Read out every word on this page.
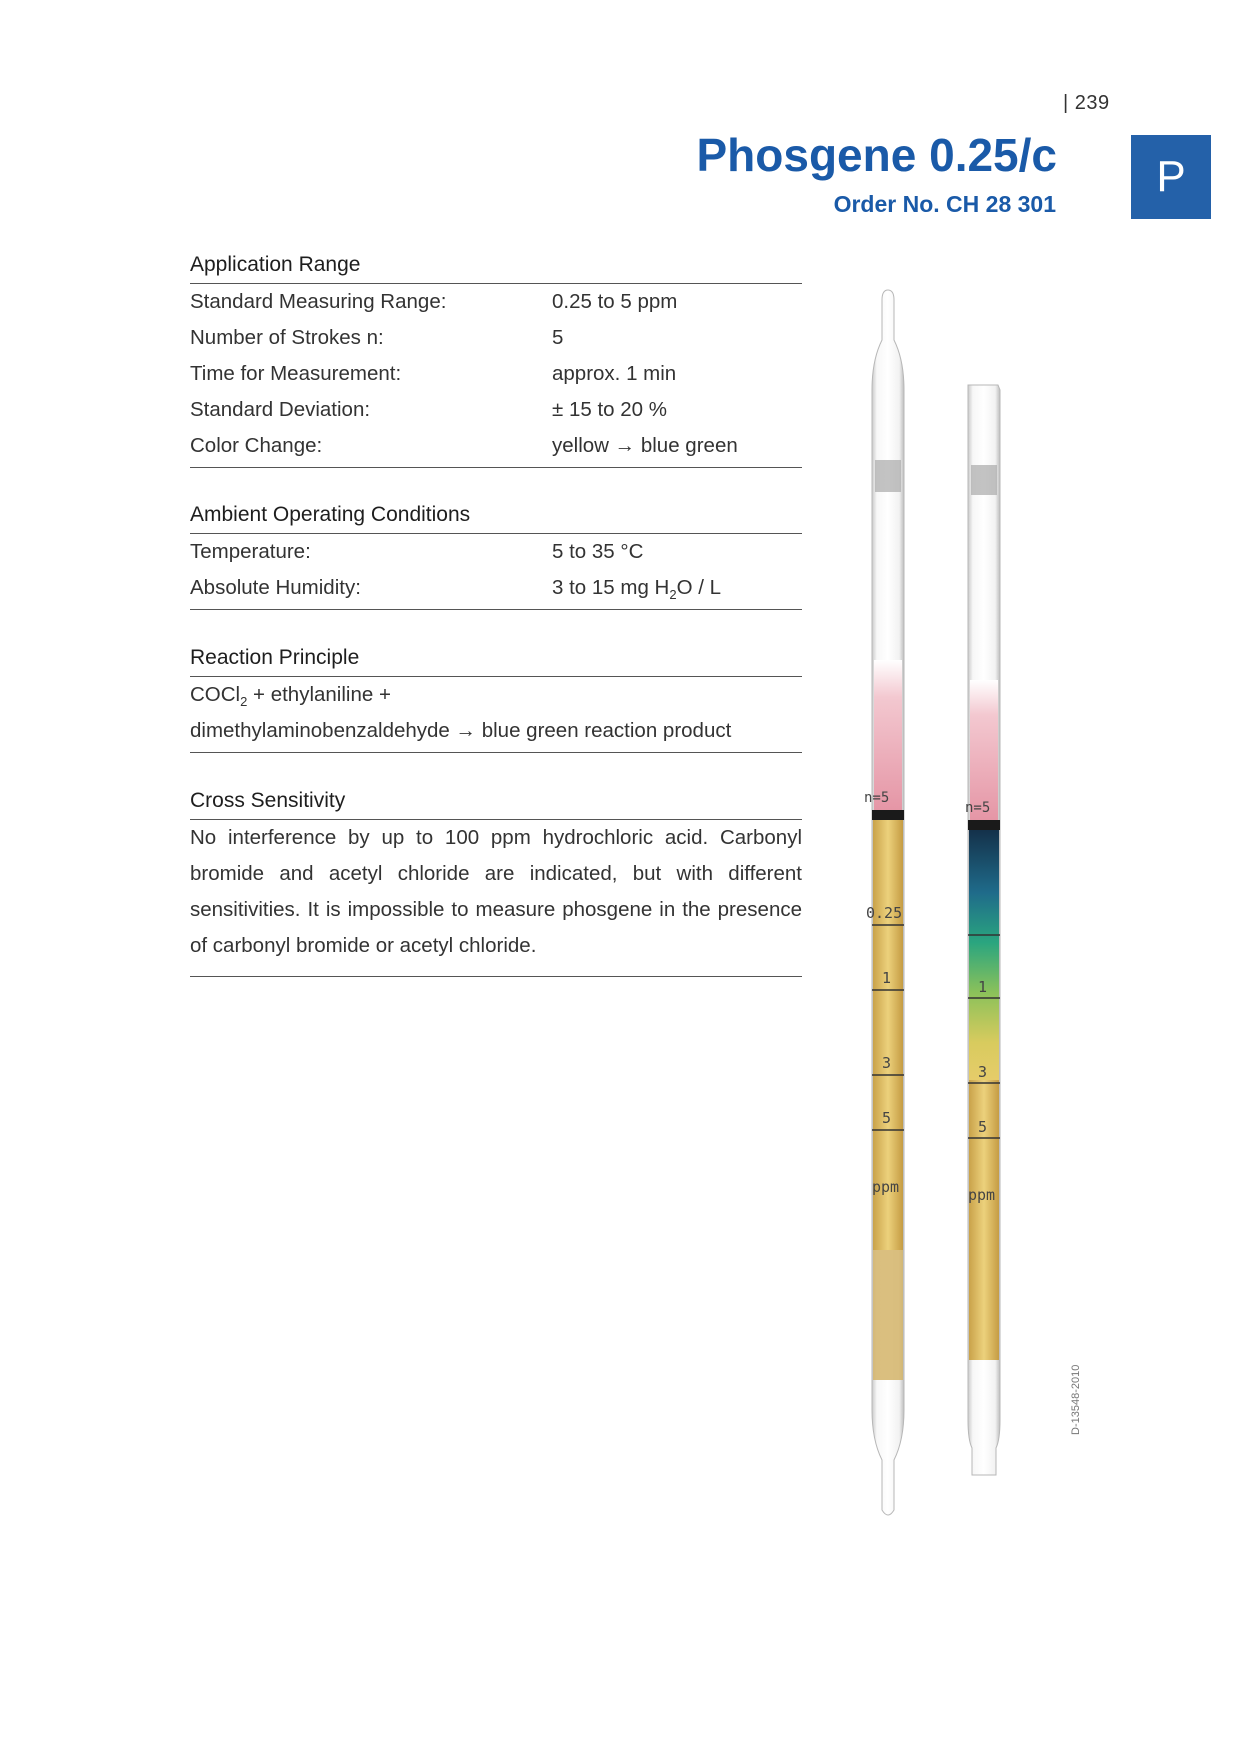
| 239
Phosgene 0.25/c
Order No. CH 28 301
P
Application Range
Standard Measuring Range:	0.25 to 5 ppm
Number of Strokes n:	5
Time for Measurement:	approx. 1 min
Standard Deviation:	± 15 to 20 %
Color Change:	yellow → blue green
Ambient Operating Conditions
Temperature:	5 to 35 °C
Absolute Humidity:	3 to 15 mg $H_2O$ / L
Reaction Principle
COCl$_2$ + ethylaniline +
dimethylaminobenzaldehyde → blue green reaction product
Cross Sensitivity
No interference by up to 100 ppm hydrochloric acid. Carbonyl bromide and acetyl chloride are indicated, but with different sensitivities. It is impossible to measure phosgene in the presence of carbonyl bromide or acetyl chloride.
n=5
0.25
1
3
5
ppm
n=5
1
3
5
ppm
D-13548-2010
